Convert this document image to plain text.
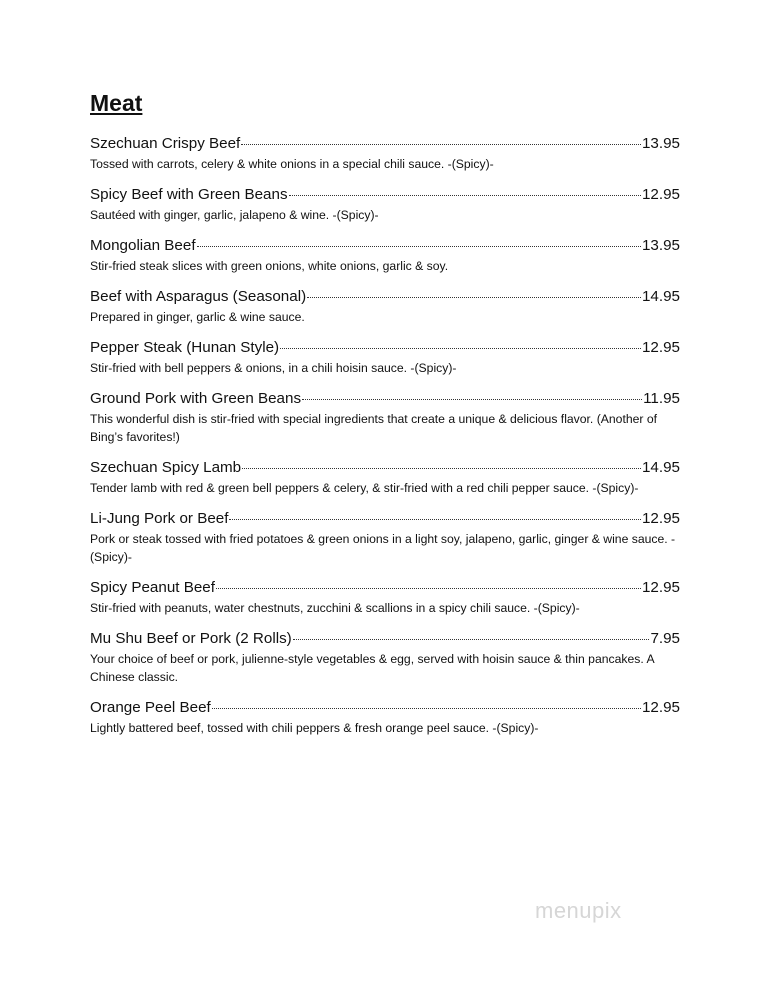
Meat
Szechuan Crispy Beef	13.95
Tossed with carrots, celery & white onions in a special chili sauce. -(Spicy)-
Spicy Beef with Green Beans	12.95
Sautéed with ginger, garlic, jalapeno & wine. -(Spicy)-
Mongolian Beef	13.95
Stir-fried steak slices with green onions, white onions, garlic & soy.
Beef with Asparagus (Seasonal)	14.95
Prepared in ginger, garlic & wine sauce.
Pepper Steak (Hunan Style)	12.95
Stir-fried with bell peppers & onions, in a chili hoisin sauce. -(Spicy)-
Ground Pork with Green Beans	11.95
This wonderful dish is stir-fried with special ingredients that create a unique & delicious flavor. (Another of Bing’s favorites!)
Szechuan Spicy Lamb	14.95
Tender lamb with red & green bell peppers & celery, & stir-fried with a red chili pepper sauce. -(Spicy)-
Li-Jung Pork or Beef	12.95
Pork or steak tossed with fried potatoes & green onions in a light soy, jalapeno, garlic, ginger & wine sauce. -(Spicy)-
Spicy Peanut Beef	12.95
Stir-fried with peanuts, water chestnuts, zucchini & scallions in a spicy chili sauce. -(Spicy)-
Mu Shu Beef or Pork (2 Rolls)	7.95
Your choice of beef or pork, julienne-style vegetables & egg, served with hoisin sauce & thin pancakes. A Chinese classic.
Orange Peel Beef	12.95
Lightly battered beef, tossed with chili peppers & fresh orange peel sauce. -(Spicy)-
menupix
